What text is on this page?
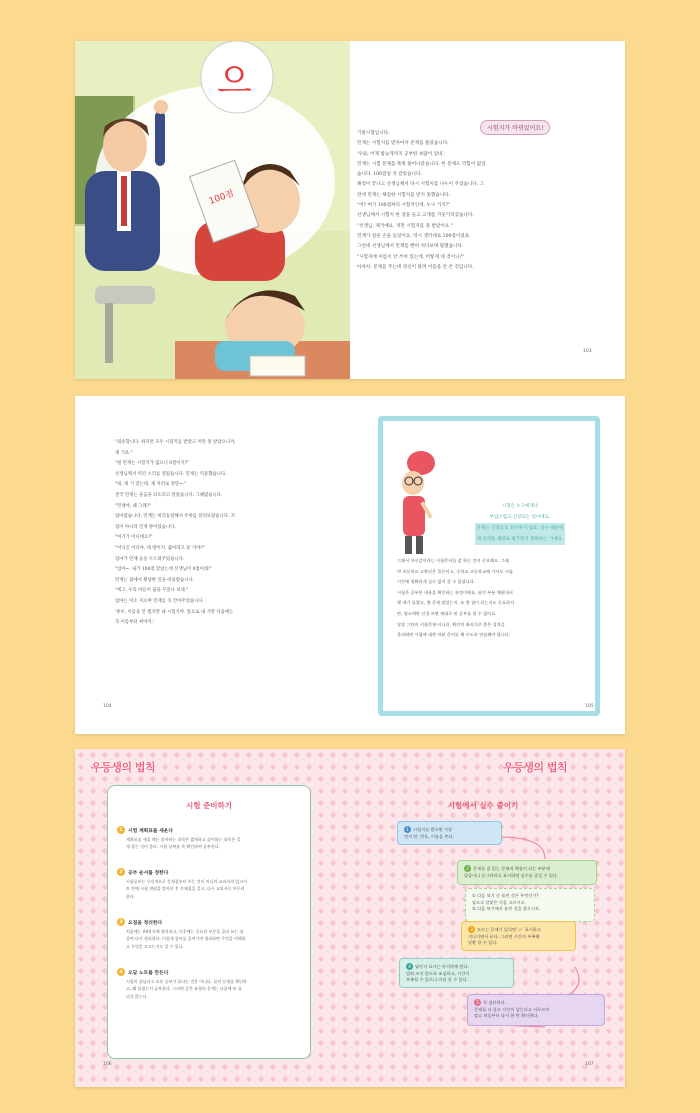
으
100점
시험지가 바뀌었어요!

기말시험입니다.

민재는 시험지를 받자마자 문제를 풀었습니다.

'우와, 어제 밤늦게까지 공부한 보람이 있네.'

민재는 시험 문제를 쭉쭉 풀어나갔습니다. 한 문제도 막힘이 없었

습니다. 100점일 것 같았습니다.

채점이 끝나고 선생님께서 다시 시험지를 나누어 주셨습니다. 그

런데 민재는 채점한 시험지를 받지 못했습니다.

"어? 여기 100점짜리 시험지인데, 누구 거지?"

선생님께서 시험지 한 장을 들고 고개를 갸웃거리셨습니다.

"선생님, 제거예요. 저만 시험지를 못 받았어요."

민재가 얼른 손을 들었어요. 역시 생각대로 100점이었죠.

그런데 선생님께서 민재를 빤히 쳐다보며 말했습니다.

"시험지에 이름이 안 쓰여 있는데, 어떻게 네 것이니?"

아차차. 문제를 푸는데 정신이 팔려 이름을 안 쓴 것입니다.

103

"죄송합니다. 하지만 모두 시험지를 받았고 저만 못 받았으니까,

제 거죠."

"뭔 민재는 시험지가 없으니 0점이지?"

선생님께서 미린 소리를 질렀습니다. 민재는 억울했습니다.

"네, 제 거 맞는데, 제 자리로 정말~."

결국 민재는 울음을 터뜨리고 말았습니다. 그때였습니다.

"민재야, 왜 그래?"

엄마였습니다. 민재는 비리둥절해서 주위를 살펴보았습니다. 꼬

집이 아니라 민재 방이었습니다.

"여기가 어디에요?"

"어디긴 어디야, 네 방이지. 꿈이라고 꾼 거야?"

엄마가 민재 등을 두드려주었습니다.

"엄마~. 내가 100점 맞았는데 선생님이 0점이래!"

민재는 꿈에서 황당한 일을 떠올렸습니다.

"에고, 우리 아들이 꿈을 꾸었나 보네."

엄마는 미소 지으며 민재를 꼭 안아주었습니다.

'휴우, 이름을 안 썼지만 내 시험지야. 앞으로 내 거란 다음에는

꼭 이름부터 써야지.'

104

시험은 누구에게나

부담스럽고 긴장되는 일이에요.

문제는 긴장으로 실수하기 쉽죠. 실수 때문에

제 실력을 제대로 평가받지 못한다는 거예요.

그래서 자신감이라는 시험준비를 잘 하는 것이 중요해요. 그래

야 초등학교 고학년은 물론이고, 중학교 고등학교에 가서도 시험

시간에 정확하게 실수 없이 풀 수 있답니다.

시험은 공부한 내용을 확인하는 과정이에요. 틀린 부분 채워내서

몇 개가 틀렸고, 몇 문제 맞았는지, 또 몇 점이 되는지도 중요하지

만, 평소에만 신경 쓰면 제대로 된 공부를 할 수 없어요.

당장 그만의 시험문제 아니라, 확인의 좌리기로 좋은 성적을

올리려면 시험에 대한 차분 준비를 해 두도록 연습해야 합니다.

105
우등생의 법칙	우등생의 법칙
시험 준비하기
1	시험 계획표를 세운다

계획표를 세울 때는 좋아하는 과목은 짧게하고 싫어하는 과목은 길

게 잡는 것이 좋다. 시험 날짜를 쭉 확인하여 공부한다.

2	공부 순서를 정한다

시험공부는 우선적으로 문제집부터 푸는 것이 아니라 교과서의 읽고서

트 안에 시험 개념을 알아본 후 문제집을 풀고, 다시 교과서로 마무리

한다.

3	요점을 정리한다

처음에는 A4용지에 정리하고, 이후에는 중요한 부분을 골라 쓰는 데

줄여 다시 정리한다. 이렇게 종이를 줄여가며 정리하면 무엇을 이해하

고 무엇을 모르는지도 알 수 있다.

4	오답 노트를 만든다

시험이 끝났다고 모든 공부가 끝나는 것은 아니다. 틀린 문제를 확인하

고, 왜 틀렸는지 공부한다. 그러면 같은 유형의 문제는 다음에 또 틀

리지 않는다.

106
시험에서 실수 줄이기

1 시험지를 받으면 가장

먼저 반, 번호, 이름을 쓴다.

2 문제를 잘 읽는 문제의 핵심이 되는 부분에

밑줄이나 동그라미로 표시하면 실수를 줄일 수 있다.

① 다음 보기 중 틀린 것은 무엇인가?

답으로 알맞은 것을 고르시오.

② 다음 보기에서 틀린 것을 찾으시오.

3 모르는 문제가 있다면 '☆' 표시하고

지나가면서 푼다. 그러면 시간이 부족해

당황 할 수 있다.

4 답안지 표시는 마지막에 한다.

밀려 쓰지 않도록 조심하고, 시간이

부족할 수 있으니 미리 할 수 있다.

5 꼭 검산한다.

문제를 다 풀고 시간이 남는다고 서두르지

말고 처음부터 다시 한 번 확인한다.

107
